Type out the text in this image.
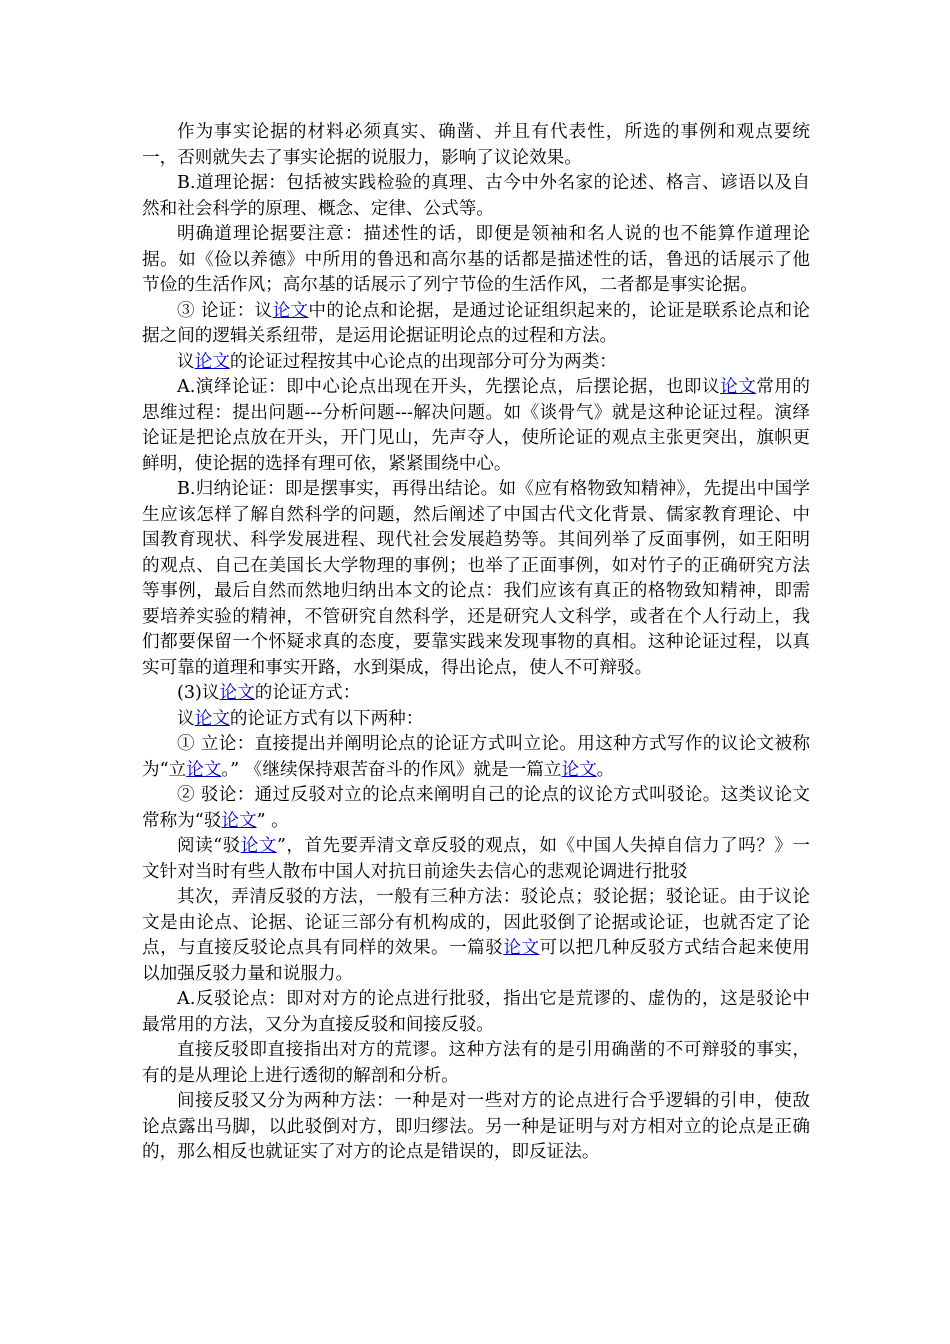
作为事实论据的材料必须真实、确凿、并且有代表性，所选的事例和观点要统一，否则就失去了事实论据的说服力，影响了议论效果。

B.道理论据：包括被实践检验的真理、古今中外名家的论述、格言、谚语以及自然和社会科学的原理、概念、定律、公式等。

明确道理论据要注意：描述性的话，即便是领袖和名人说的也不能算作道理论据。如《俭以养德》中所用的鲁迅和高尔基的话都是描述性的话，鲁迅的话展示了他节俭的生活作风；高尔基的话展示了列宁节俭的生活作风，二者都是事实论据。

③ 论证：议论文中的论点和论据，是通过论证组织起来的，论证是联系论点和论据之间的逻辑关系纽带，是运用论据证明论点的过程和方法。

议论文的论证过程按其中心论点的出现部分可分为两类：

A.演绎论证：即中心论点出现在开头，先摆论点，后摆论据，也即议论文常用的思维过程：提出问题---分析问题---解决问题。如《谈骨气》就是这种论证过程。演绎论证是把论点放在开头，开门见山，先声夺人，使所论证的观点主张更突出，旗帜更鲜明，使论据的选择有理可依，紧紧围绕中心。

B.归纳论证：即是摆事实，再得出结论。如《应有格物致知精神》，先提出中国学生应该怎样了解自然科学的问题，然后阐述了中国古代文化背景、儒家教育理论、中国教育现状、科学发展进程、现代社会发展趋势等。其间列举了反面事例，如王阳明的观点、自己在美国长大学物理的事例；也举了正面事例，如对竹子的正确研究方法等事例，最后自然而然地归纳出本文的论点：我们应该有真正的格物致知精神，即需要培养实验的精神，不管研究自然科学，还是研究人文科学，或者在个人行动上，我们都要保留一个怀疑求真的态度，要靠实践来发现事物的真相。这种论证过程，以真实可靠的道理和事实开路，水到渠成，得出论点，使人不可辩驳。

(3)议论文的论证方式：

议论文的论证方式有以下两种：

① 立论：直接提出并阐明论点的论证方式叫立论。用这种方式写作的议论文被称为“立论文。” 《继续保持艰苦奋斗的作风》就是一篇立论文。

② 驳论：通过反驳对立的论点来阐明自己的论点的议论方式叫驳论。这类议论文常称为“驳论文” 。

阅读“驳论文”，首先要弄清文章反驳的观点，如《中国人失掉自信力了吗？》一文针对当时有些人散布中国人对抗日前途失去信心的悲观论调进行批驳

其次，弄清反驳的方法，一般有三种方法：驳论点；驳论据；驳论证。由于议论文是由论点、论据、论证三部分有机构成的，因此驳倒了论据或论证，也就否定了论点，与直接反驳论点具有同样的效果。一篇驳论文可以把几种反驳方式结合起来使用以加强反驳力量和说服力。

A.反驳论点：即对对方的论点进行批驳，指出它是荒谬的、虚伪的，这是驳论中最常用的方法，又分为直接反驳和间接反驳。

直接反驳即直接指出对方的荒谬。这种方法有的是引用确凿的不可辩驳的事实，有的是从理论上进行透彻的解剖和分析。

间接反驳又分为两种方法：一种是对一些对方的论点进行合乎逻辑的引申，使敌论点露出马脚，以此驳倒对方，即归缪法。另一种是证明与对方相对立的论点是正确的，那么相反也就证实了对方的论点是错误的，即反证法。
